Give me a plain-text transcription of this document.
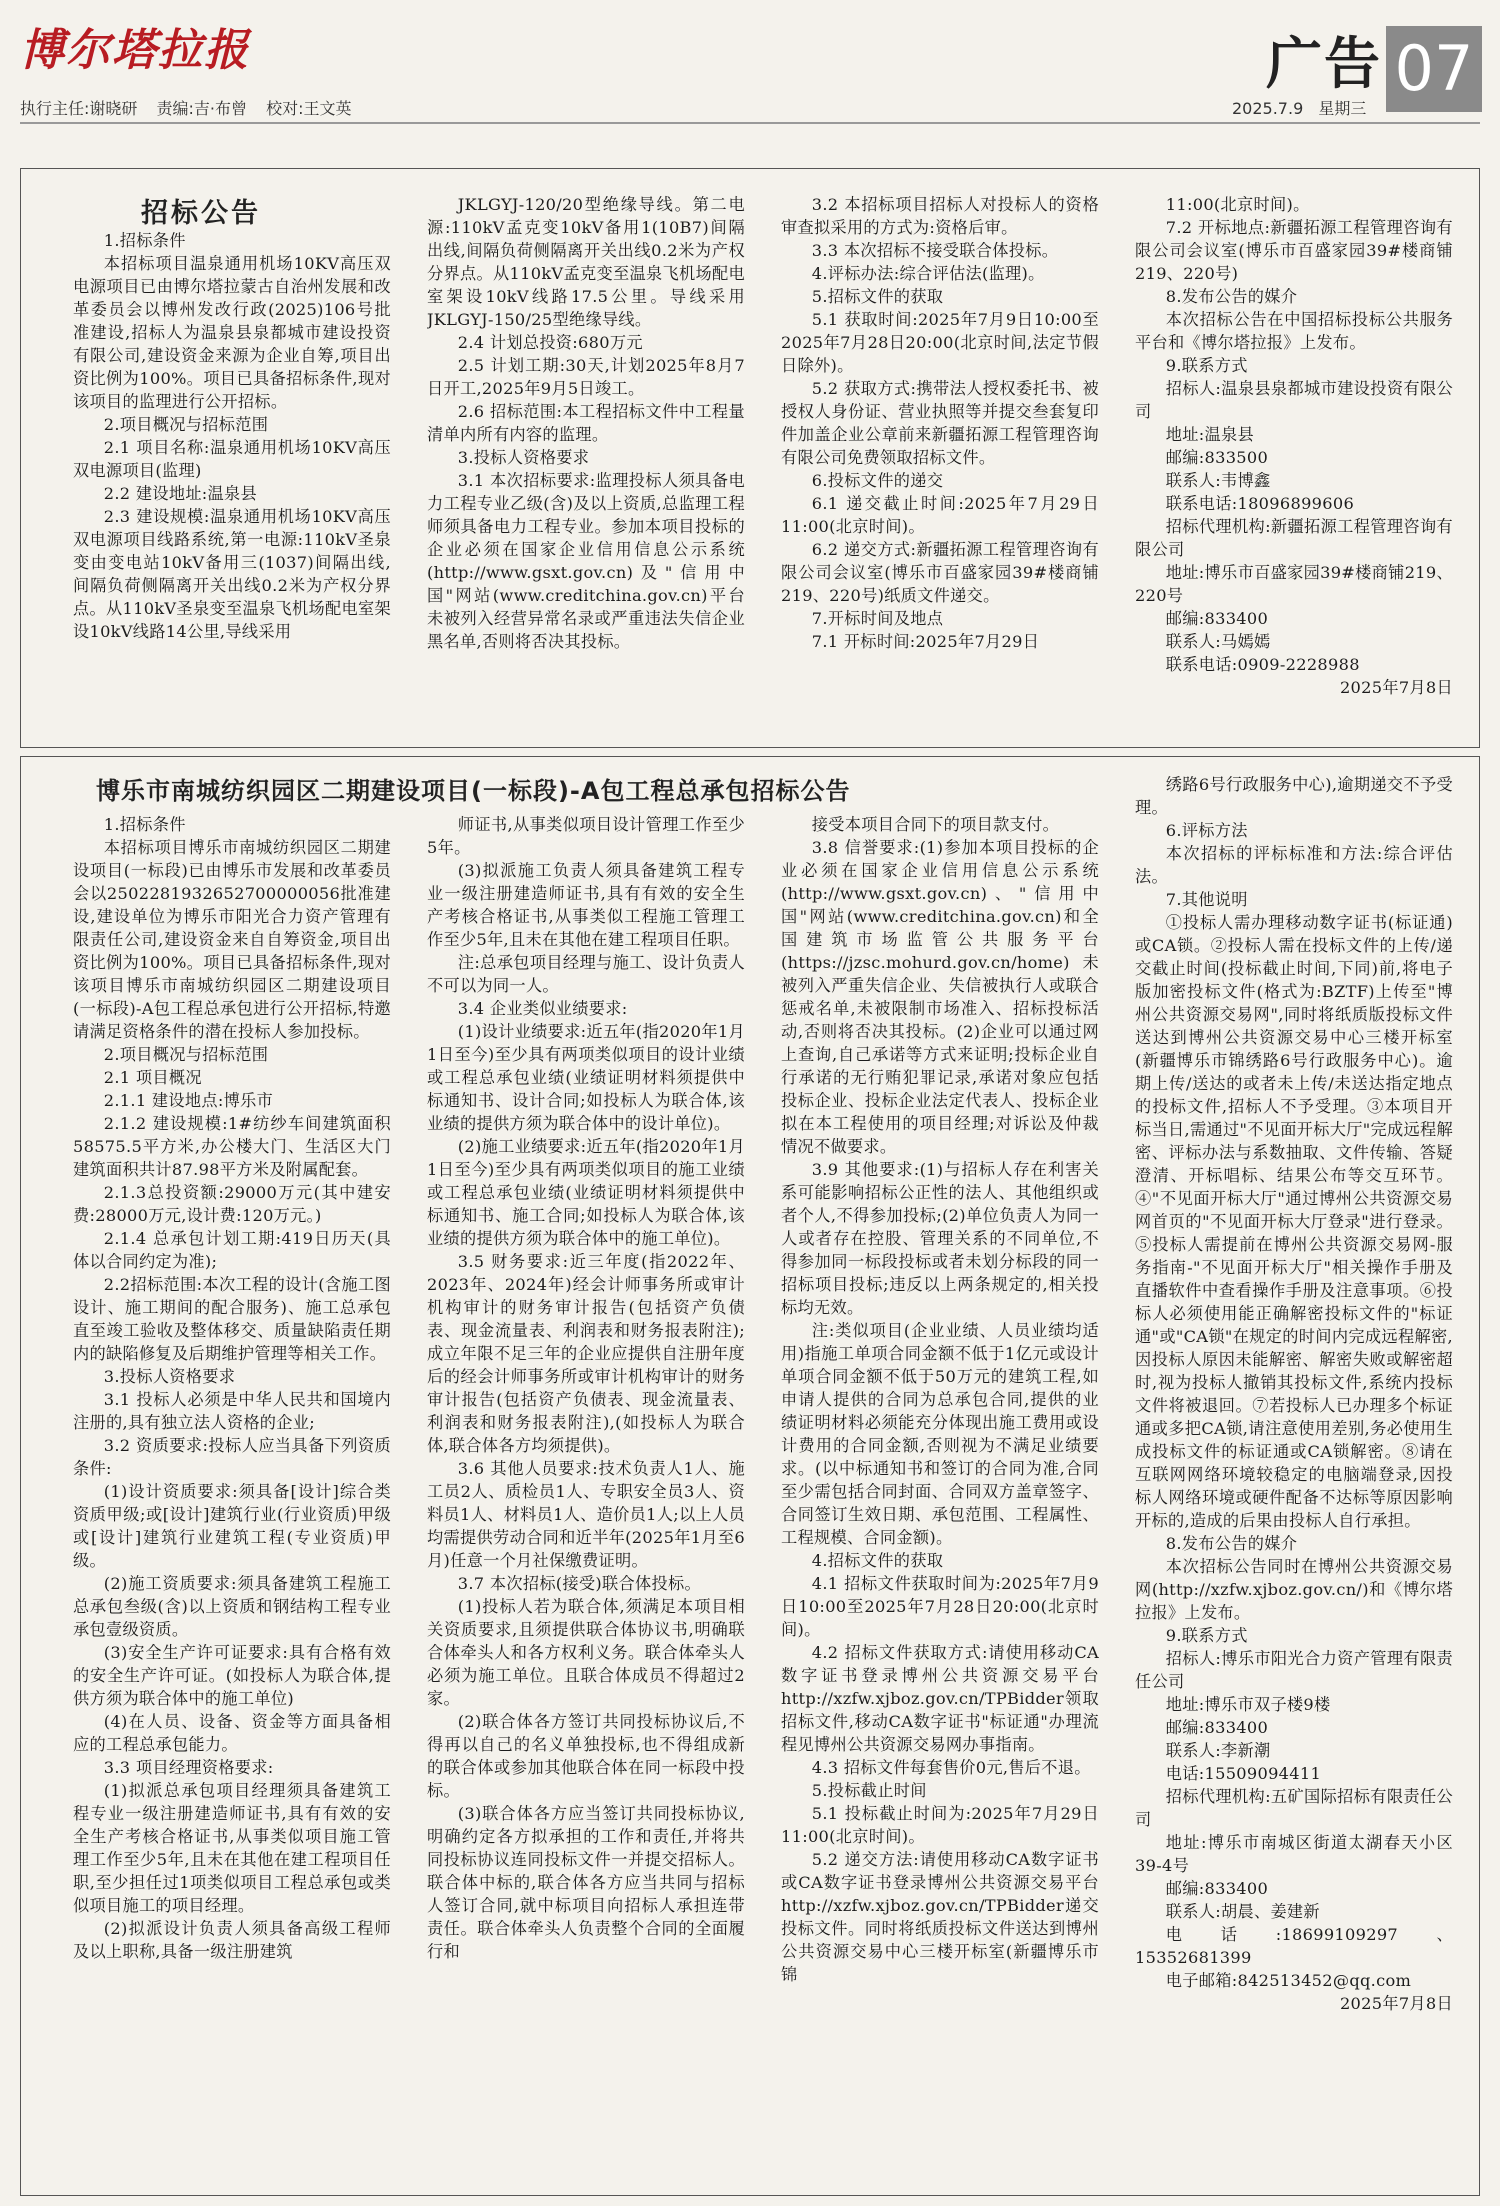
博尔塔拉报	广告 07
执行主任:谢晓研 责编:吉·布曾 校对:王文英	2025.7.9 星期三
招标公告

1.招标条件

本招标项目温泉通用机场10KV高压双电源项目已由博尔塔拉蒙古自治州发展和改革委员会以博州发改行政(2025)106号批准建设,招标人为温泉县泉都城市建设投资有限公司,建设资金来源为企业自筹,项目出资比例为100%。项目已具备招标条件,现对该项目的监理进行公开招标。

2.项目概况与招标范围

2.1 项目名称:温泉通用机场10KV高压双电源项目(监理)

2.2 建设地址:温泉县

2.3 建设规模:温泉通用机场10KV高压双电源项目线路系统,第一电源:110kV圣泉变由变电站10kV备用三(1037)间隔出线,间隔负荷侧隔离开关出线0.2米为产权分界点。从110kV圣泉变至温泉飞机场配电室架设10kV线路14公里,导线采用

JKLGYJ-120/20型绝缘导线。第二电源:110kV孟克变10kV备用1(10B7)间隔出线,间隔负荷侧隔离开关出线0.2米为产权分界点。从110kV孟克变至温泉飞机场配电室架设10kV线路17.5公里。导线采用JKLGYJ-150/25型绝缘导线。

2.4 计划总投资:680万元

2.5 计划工期:30天,计划2025年8月7日开工,2025年9月5日竣工。

2.6 招标范围:本工程招标文件中工程量清单内所有内容的监理。

3.投标人资格要求

3.1 本次招标要求:监理投标人须具备电力工程专业乙级(含)及以上资质,总监理工程师须具备电力工程专业。参加本项目投标的企业必须在国家企业信用信息公示系统(http://www.gsxt.gov.cn)及"信用中国"网站(www.creditchina.gov.cn)平台未被列入经营异常名录或严重违法失信企业黑名单,否则将否决其投标。

3.2 本招标项目招标人对投标人的资格审查拟采用的方式为:资格后审。

3.3 本次招标不接受联合体投标。

4.评标办法:综合评估法(监理)。

5.招标文件的获取

5.1 获取时间:2025年7月9日10:00至2025年7月28日20:00(北京时间,法定节假日除外)。

5.2 获取方式:携带法人授权委托书、被授权人身份证、营业执照等并提交叁套复印件加盖企业公章前来新疆拓源工程管理咨询有限公司免费领取招标文件。

6.投标文件的递交

6.1 递交截止时间:2025年7月29日11:00(北京时间)。

6.2 递交方式:新疆拓源工程管理咨询有限公司会议室(博乐市百盛家园39#楼商铺219、220号)纸质文件递交。

7.开标时间及地点

7.1 开标时间:2025年7月29日

11:00(北京时间)。

7.2 开标地点:新疆拓源工程管理咨询有限公司会议室(博乐市百盛家园39#楼商铺219、220号)

8.发布公告的媒介

本次招标公告在中国招标投标公共服务平台和《博尔塔拉报》上发布。

9.联系方式

招标人:温泉县泉都城市建设投资有限公司

地址:温泉县

邮编:833500

联系人:韦博鑫

联系电话:18096899606

招标代理机构:新疆拓源工程管理咨询有限公司

地址:博乐市百盛家园39#楼商铺219、220号

邮编:833400

联系人:马嫣嫣

联系电话:0909-2228988

2025年7月8日

博乐市南城纺织园区二期建设项目(一标段)-A包工程总承包招标公告

1.招标条件

本招标项目博乐市南城纺织园区二期建设项目(一标段)已由博乐市发展和改革委员会以2502281932652700000056批准建设,建设单位为博乐市阳光合力资产管理有限责任公司,建设资金来自自筹资金,项目出资比例为100%。项目已具备招标条件,现对该项目博乐市南城纺织园区二期建设项目(一标段)-A包工程总承包进行公开招标,特邀请满足资格条件的潜在投标人参加投标。

2.项目概况与招标范围

2.1 项目概况

2.1.1 建设地点:博乐市

2.1.2 建设规模:1#纺纱车间建筑面积58575.5平方米,办公楼大门、生活区大门建筑面积共计87.98平方米及附属配套。

2.1.3总投资额:29000万元(其中建安费:28000万元,设计费:120万元。)

2.1.4 总承包计划工期:419日历天(具体以合同约定为准);

2.2招标范围:本次工程的设计(含施工图设计、施工期间的配合服务)、施工总承包直至竣工验收及整体移交、质量缺陷责任期内的缺陷修复及后期维护管理等相关工作。

3.投标人资格要求

3.1 投标人必须是中华人民共和国境内注册的,具有独立法人资格的企业;

3.2 资质要求:投标人应当具备下列资质条件:

(1)设计资质要求:须具备[设计]综合类资质甲级;或[设计]建筑行业(行业资质)甲级或[设计]建筑行业建筑工程(专业资质)甲级。

(2)施工资质要求:须具备建筑工程施工总承包叁级(含)以上资质和钢结构工程专业承包壹级资质。

(3)安全生产许可证要求:具有合格有效的安全生产许可证。(如投标人为联合体,提供方须为联合体中的施工单位)

(4)在人员、设备、资金等方面具备相应的工程总承包能力。

3.3 项目经理资格要求:

(1)拟派总承包项目经理须具备建筑工程专业一级注册建造师证书,具有有效的安全生产考核合格证书,从事类似项目施工管理工作至少5年,且未在其他在建工程项目任职,至少担任过1项类似项目工程总承包或类似项目施工的项目经理。

(2)拟派设计负责人须具备高级工程师及以上职称,具备一级注册建筑

师证书,从事类似项目设计管理工作至少5年。

(3)拟派施工负责人须具备建筑工程专业一级注册建造师证书,具有有效的安全生产考核合格证书,从事类似工程施工管理工作至少5年,且未在其他在建工程项目任职。

注:总承包项目经理与施工、设计负责人不可以为同一人。

3.4 企业类似业绩要求:

(1)设计业绩要求:近五年(指2020年1月1日至今)至少具有两项类似项目的设计业绩或工程总承包业绩(业绩证明材料须提供中标通知书、设计合同;如投标人为联合体,该业绩的提供方须为联合体中的设计单位)。

(2)施工业绩要求:近五年(指2020年1月1日至今)至少具有两项类似项目的施工业绩或工程总承包业绩(业绩证明材料须提供中标通知书、施工合同;如投标人为联合体,该业绩的提供方须为联合体中的施工单位)。

3.5 财务要求:近三年度(指2022年、2023年、2024年)经会计师事务所或审计机构审计的财务审计报告(包括资产负债表、现金流量表、利润表和财务报表附注);成立年限不足三年的企业应提供自注册年度后的经会计师事务所或审计机构审计的财务审计报告(包括资产负债表、现金流量表、利润表和财务报表附注),(如投标人为联合体,联合体各方均须提供)。

3.6 其他人员要求:技术负责人1人、施工员2人、质检员1人、专职安全员3人、资料员1人、材料员1人、造价员1人;以上人员均需提供劳动合同和近半年(2025年1月至6月)任意一个月社保缴费证明。

3.7 本次招标(接受)联合体投标。

(1)投标人若为联合体,须满足本项目相关资质要求,且须提供联合体协议书,明确联合体牵头人和各方权利义务。联合体牵头人必须为施工单位。且联合体成员不得超过2家。

(2)联合体各方签订共同投标协议后,不得再以自己的名义单独投标,也不得组成新的联合体或参加其他联合体在同一标段中投标。

(3)联合体各方应当签订共同投标协议,明确约定各方拟承担的工作和责任,并将共同投标协议连同投标文件一并提交招标人。联合体中标的,联合体各方应当共同与招标人签订合同,就中标项目向招标人承担连带责任。联合体牵头人负责整个合同的全面履行和

接受本项目合同下的项目款支付。

3.8 信誉要求:(1)参加本项目投标的企业必须在国家企业信用信息公示系统(http://www.gsxt.gov.cn)、"信用中国"网站(www.creditchina.gov.cn)和全国建筑市场监管公共服务平台(https://jzsc.mohurd.gov.cn/home)未被列入严重失信企业、失信被执行人或联合惩戒名单,未被限制市场准入、招标投标活动,否则将否决其投标。(2)企业可以通过网上查询,自己承诺等方式来证明;投标企业自行承诺的无行贿犯罪记录,承诺对象应包括投标企业、投标企业法定代表人、投标企业拟在本工程使用的项目经理;对诉讼及仲裁情况不做要求。

3.9 其他要求:(1)与招标人存在利害关系可能影响招标公正性的法人、其他组织或者个人,不得参加投标;(2)单位负责人为同一人或者存在控股、管理关系的不同单位,不得参加同一标段投标或者未划分标段的同一招标项目投标;违反以上两条规定的,相关投标均无效。

注:类似项目(企业业绩、人员业绩均适用)指施工单项合同金额不低于1亿元或设计单项合同金额不低于50万元的建筑工程,如申请人提供的合同为总承包合同,提供的业绩证明材料必须能充分体现出施工费用或设计费用的合同金额,否则视为不满足业绩要求。(以中标通知书和签订的合同为准,合同至少需包括合同封面、合同双方盖章签字、合同签订生效日期、承包范围、工程属性、工程规模、合同金额)。

4.招标文件的获取

4.1 招标文件获取时间为:2025年7月9日10:00至2025年7月28日20:00(北京时间)。

4.2 招标文件获取方式:请使用移动CA数字证书登录博州公共资源交易平台http://xzfw.xjboz.gov.cn/TPBidder领取招标文件,移动CA数字证书"标证通"办理流程见博州公共资源交易网办事指南。

4.3 招标文件每套售价0元,售后不退。

5.投标截止时间

5.1 投标截止时间为:2025年7月29日11:00(北京时间)。

5.2 递交方法:请使用移动CA数字证书或CA数字证书登录博州公共资源交易平台http://xzfw.xjboz.gov.cn/TPBidder递交投标文件。同时将纸质投标文件送达到博州公共资源交易中心三楼开标室(新疆博乐市锦

绣路6号行政服务中心),逾期递交不予受理。

6.评标方法

本次招标的评标标准和方法:综合评估法。

7.其他说明

①投标人需办理移动数字证书(标证通)或CA锁。②投标人需在投标文件的上传/递交截止时间(投标截止时间,下同)前,将电子版加密投标文件(格式为:BZTF)上传至"博州公共资源交易网",同时将纸质版投标文件送达到博州公共资源交易中心三楼开标室(新疆博乐市锦绣路6号行政服务中心)。逾期上传/送达的或者未上传/未送达指定地点的投标文件,招标人不予受理。③本项目开标当日,需通过"不见面开标大厅"完成远程解密、评标办法与系数抽取、文件传输、答疑澄清、开标唱标、结果公布等交互环节。④"不见面开标大厅"通过博州公共资源交易网首页的"不见面开标大厅登录"进行登录。⑤投标人需提前在博州公共资源交易网-服务指南-"不见面开标大厅"相关操作手册及直播软件中查看操作手册及注意事项。⑥投标人必须使用能正确解密投标文件的"标证通"或"CA锁"在规定的时间内完成远程解密,因投标人原因未能解密、解密失败或解密超时,视为投标人撤销其投标文件,系统内投标文件将被退回。⑦若投标人已办理多个标证通或多把CA锁,请注意使用差别,务必使用生成投标文件的标证通或CA锁解密。⑧请在互联网网络环境较稳定的电脑端登录,因投标人网络环境或硬件配备不达标等原因影响开标的,造成的后果由投标人自行承担。

8.发布公告的媒介

本次招标公告同时在博州公共资源交易网(http://xzfw.xjboz.gov.cn/)和《博尔塔拉报》上发布。

9.联系方式

招标人:博乐市阳光合力资产管理有限责任公司

地址:博乐市双子楼9楼

邮编:833400

联系人:李新潮

电话:15509094411

招标代理机构:五矿国际招标有限责任公司

地址:博乐市南城区街道太湖春天小区39-4号

邮编:833400

联系人:胡晨、姜建新

电话:18699109297、15352681399

电子邮箱:842513452@qq.com

2025年7月8日
